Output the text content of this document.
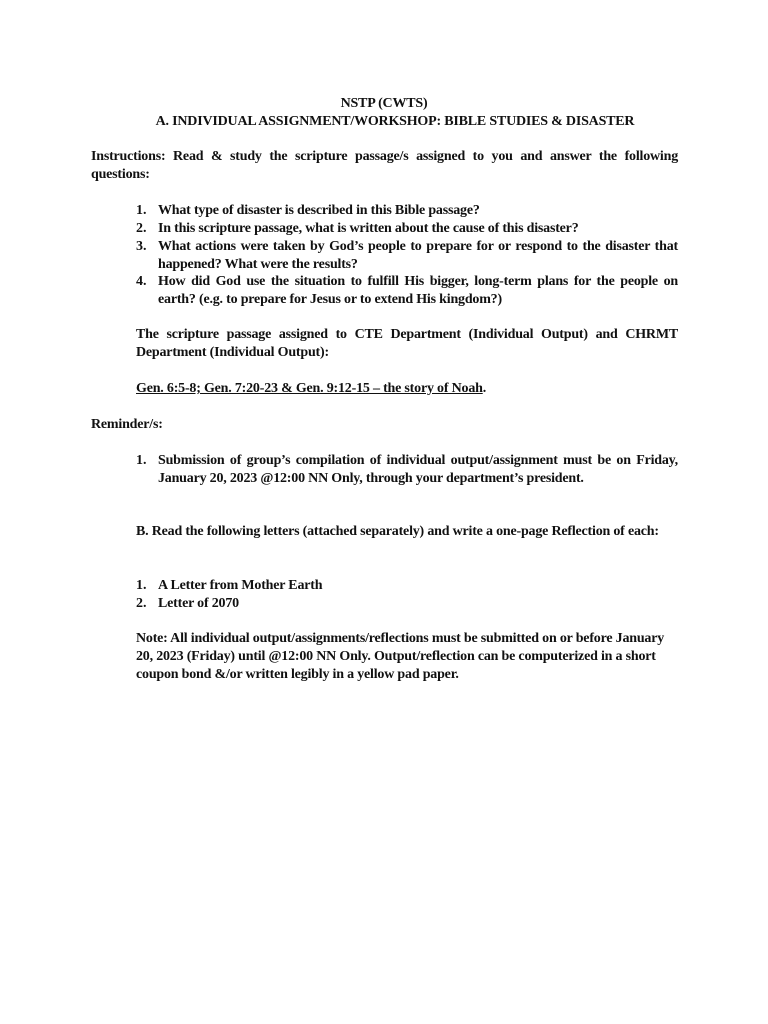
NSTP (CWTS)

A. INDIVIDUAL ASSIGNMENT/WORKSHOP: BIBLE STUDIES & DISASTER

Instructions: Read & study the scripture passage/s assigned to you and answer the following questions:

1. What type of disaster is described in this Bible passage?

2. In this scripture passage, what is written about the cause of this disaster?

3. What actions were taken by God’s people to prepare for or respond to the disaster that happened? What were the results?

4. How did God use the situation to fulfill His bigger, long-term plans for the people on earth? (e.g. to prepare for Jesus or to extend His kingdom?)

The scripture passage assigned to CTE Department (Individual Output) and CHRMT Department (Individual Output):

Gen. 6:5-8; Gen. 7:20-23 & Gen. 9:12-15 – the story of Noah.

Reminder/s:

1. Submission of group’s compilation of individual output/assignment must be on Friday, January 20, 2023 @12:00 NN Only, through your department’s president.

B. Read the following letters (attached separately) and write a one-page Reflection of each:

1. A Letter from Mother Earth

2. Letter of 2070

Note: All individual output/assignments/reflections must be submitted on or before January 20, 2023 (Friday) until @12:00 NN Only. Output/reflection can be computerized in a short coupon bond &/or written legibly in a yellow pad paper.
